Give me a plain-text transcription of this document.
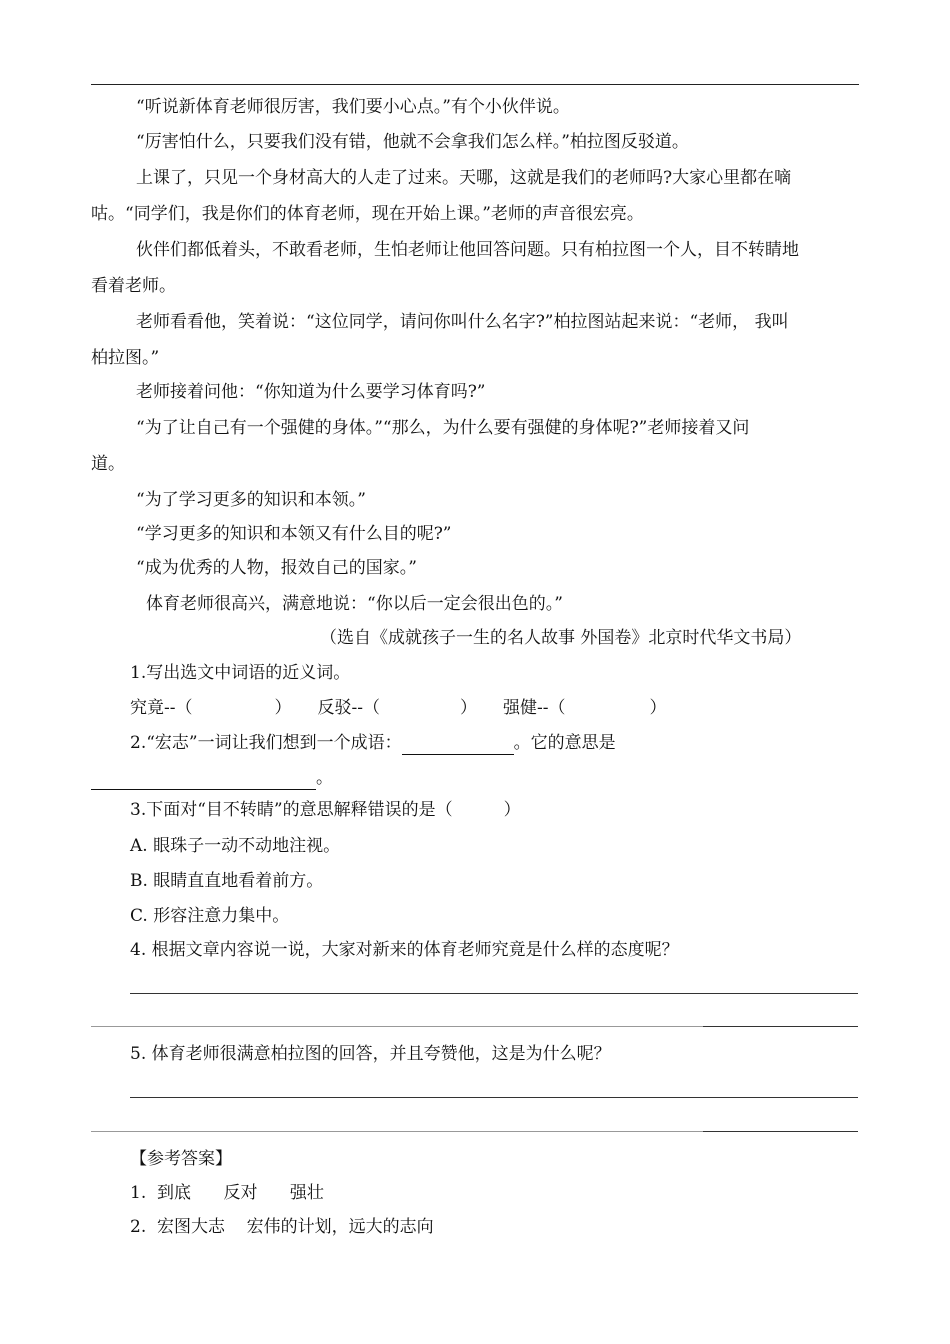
“听说新体育老师很厉害，我们要小心点。”有个小伙伴说。
“厉害怕什么，只要我们没有错，他就不会拿我们怎么样。”柏拉图反驳道。
上课了，只见一个身材高大的人走了过来。天哪，这就是我们的老师吗?大家心里都在嘀
咕。“同学们，我是你们的体育老师，现在开始上课。”老师的声音很宏亮。
伙伴们都低着头，不敢看老师，生怕老师让他回答问题。只有柏拉图一个人，目不转睛地
看着老师。
老师看看他，笑着说：“这位同学，请问你叫什么名字?”柏拉图站起来说：“老师， 我叫
柏拉图。”
老师接着问他：“你知道为什么要学习体育吗?”
“为了让自己有一个强健的身体。”“那么，为什么要有强健的身体呢?”老师接着又问
道。
“为了学习更多的知识和本领。”
“学习更多的知识和本领又有什么目的呢?”
“成为优秀的人物，报效自己的国家。”
体育老师很高兴，满意地说：“你以后一定会很出色的。”
（选自《成就孩子一生的名人故事 外国卷》北京时代华文书局）
1.写出选文中词语的近义词。
究竟--（	） 反驳--（	） 强健--（	）
2.“宏志”一词让我们想到一个成语：	。它的意思是
。
3.下面对“目不转睛”的意思解释错误的是（　　　）
A. 眼珠子一动不动地注视。
B. 眼睛直直地看着前方。
C. 形容注意力集中。
4. 根据文章内容说一说，大家对新来的体育老师究竟是什么样的态度呢？
5. 体育老师很满意柏拉图的回答，并且夸赞他，这是为什么呢？
【参考答案】
1.  到底      反对      强壮
2.  宏图大志    宏伟的计划，远大的志向
